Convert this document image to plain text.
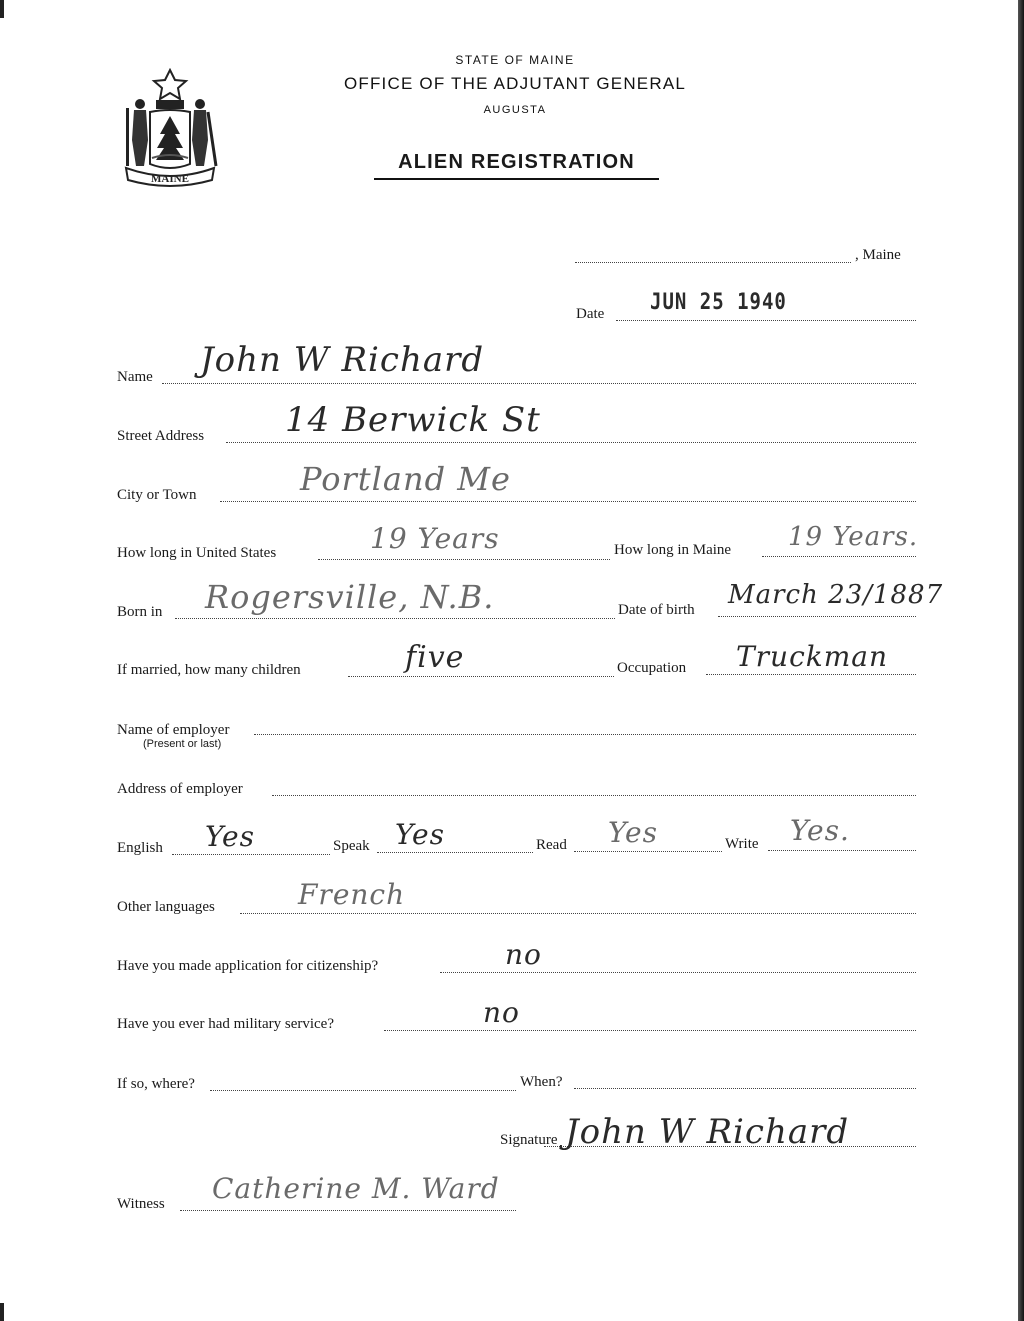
MAINE
STATE OF MAINE
OFFICE OF THE ADJUTANT GENERAL
AUGUSTA
ALIEN REGISTRATION
, Maine
Date JUN 25 1940
Name John W Richard
Street Address 14 Berwick St
City or Town	Portland Me
How long in United States	19 Years	How long in Maine 19 Years.
Born in Rogersville, N.B.	Date of birth March 23/1887
If married, how many children	five	Occupation Truckman
Name of employer
(Present or last)
Address of employer
English Yes	Speak Yes	Read Yes	Write Yes.
Other languages	French
Have you made application for citizenship?	no
Have you ever had military service?	no
If so, where?	When?
Signature John W Richard
Witness Catherine M. Ward
